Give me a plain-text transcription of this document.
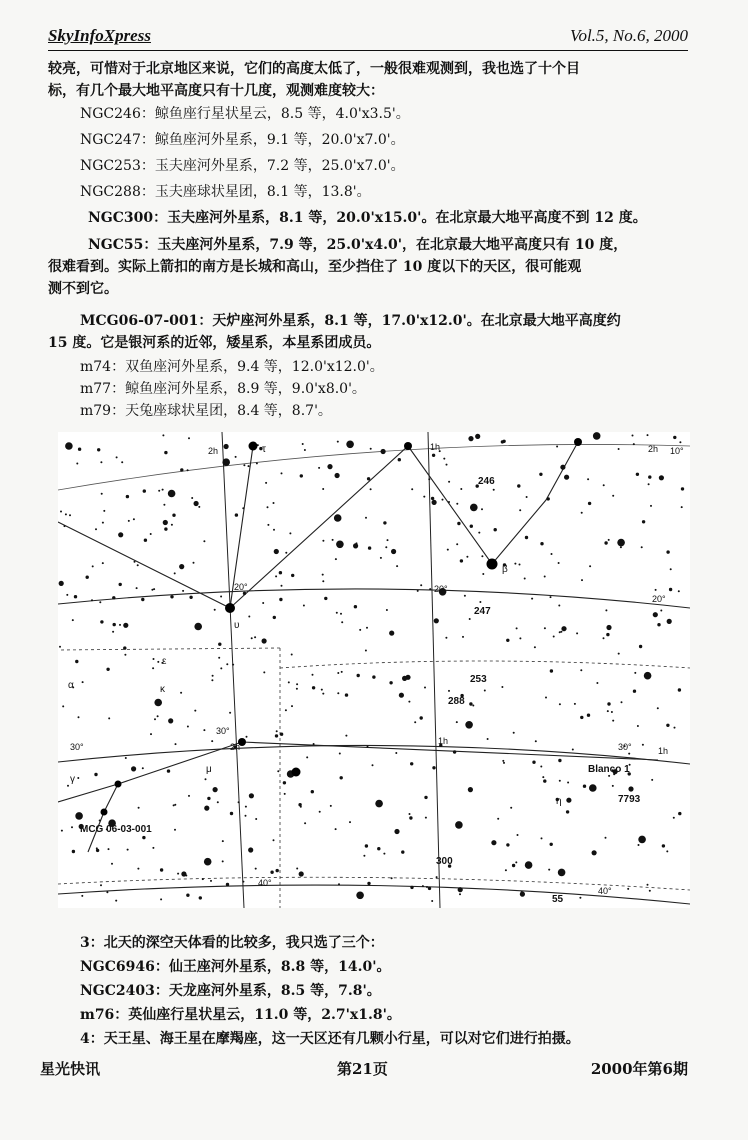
SkyInfoXpress	Vol.5, No.6, 2000
较亮，可惜对于北京地区来说，它们的高度太低了，一般很难观测到，我也选了十个目
标，有几个最大地平高度只有十几度，观测难度较大：
NGC246：鲸鱼座行星状星云，8.5 等，4.0'x3.5'。
NGC247：鲸鱼座河外星系，9.1 等，20.0'x7.0'。
NGC253：玉夫座河外星系，7.2 等，25.0'x7.0'。
NGC288：玉夫座球状星团，8.1 等，13.8'。
NGC300：玉夫座河外星系，8.1 等，20.0'x15.0'。在北京最大地平高度不到 12 度。
NGC55：玉夫座河外星系，7.9 等，25.0'x4.0'，在北京最大地平高度只有 10 度，
很难看到。实际上箭扣的南方是长城和高山，至少挡住了 10 度以下的天区，很可能观
测不到它。
MCG06-07-001：天炉座河外星系，8.1 等，17.0'x12.0'。在北京最大地平高度约
15 度。它是银河系的近邻，矮星系，本星系团成员。
m74：双鱼座河外星系，9.4 等，12.0'x12.0'。
m77：鲸鱼座河外星系，8.9 等，9.0'x8.0'。
m79：天兔座球状星团，8.4 等，8.7'。
2h	1h
2h
1h
2h
1h
10°
20°	20°
20°
30°
30°
30°
40°
40°
246
247
253
288
300
55
7793
Blanco 1
MCG 06-03-001
β
τ
υ
ε
η
μ
α
γ
κ
3：北天的深空天体看的比较多，我只选了三个：
NGC6946：仙王座河外星系，8.8 等，14.0'。
NGC2403：天龙座河外星系，8.5 等，7.8'。
m76：英仙座行星状星云，11.0 等，2.7'x1.8'。
4：天王星、海王星在摩羯座，这一天区还有几颗小行星，可以对它们进行拍摄。
星光快讯	第21页	2000年第6期
